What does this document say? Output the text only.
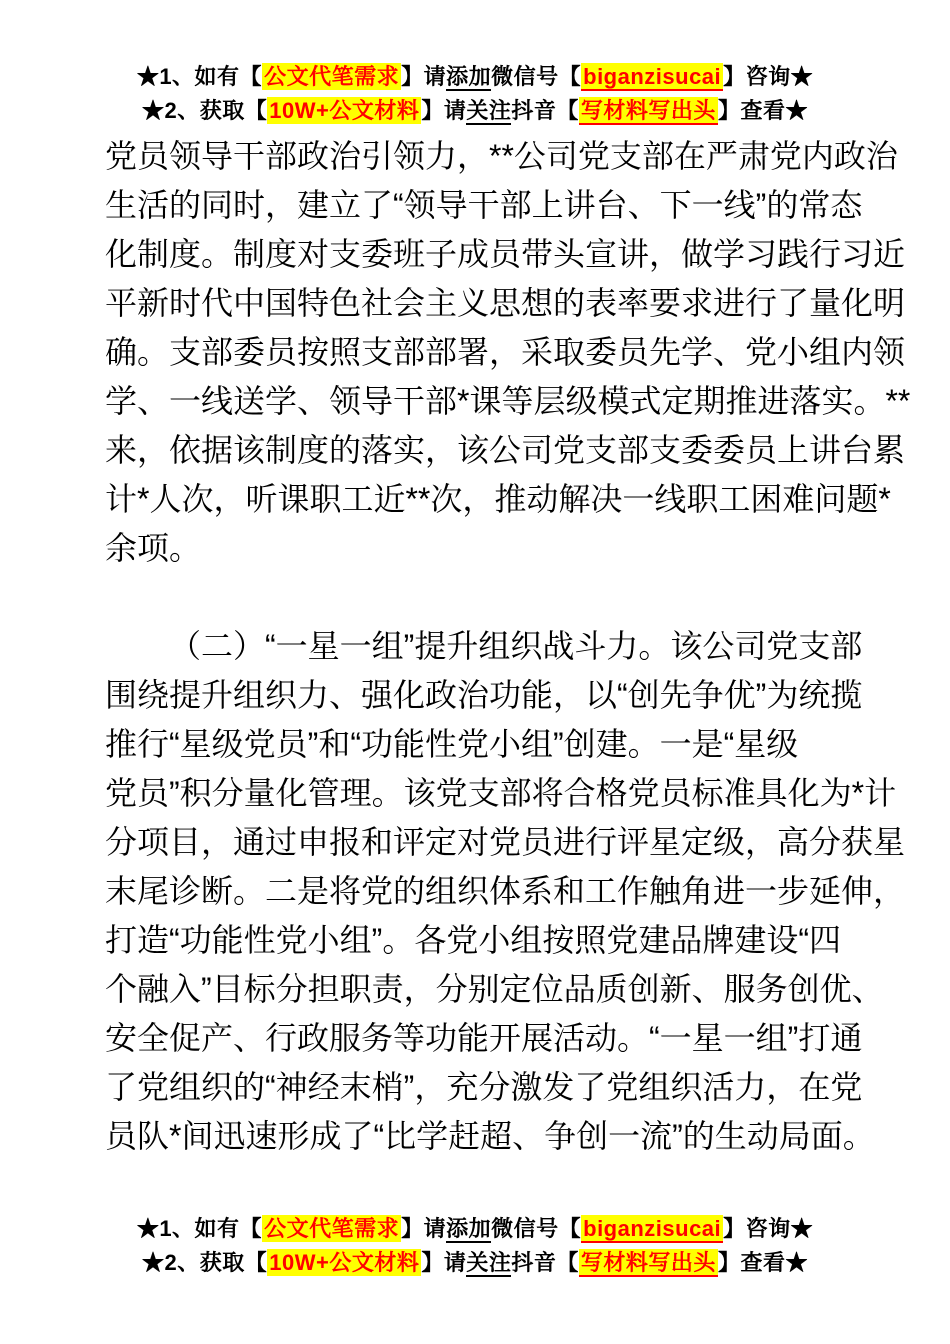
★1、如有【公文代笔需求】请添加微信号【biganzisucai】咨询★
★2、获取【10W+公文材料】请关注抖音【写材料写出头】查看★
党员领导干部政治引领力，**公司党支部在严肃党内政治
生活的同时，建立了“领导干部上讲台、下一线”的常态
化制度。制度对支委班子成员带头宣讲，做学习践行习近
平新时代中国特色社会主义思想的表率要求进行了量化明
确。支部委员按照支部部署，采取委员先学、党小组内领
学、一线送学、领导干部*课等层级模式定期推进落实。**
来，依据该制度的落实，该公司党支部支委委员上讲台累
计*人次，听课职工近**次，推动解决一线职工困难问题*
余项。
（二）“一星一组”提升组织战斗力。该公司党支部
围绕提升组织力、强化政治功能，以“创先争优”为统揽
推行“星级党员”和“功能性党小组”创建。一是“星级
党员”积分量化管理。该党支部将合格党员标准具化为*计
分项目，通过申报和评定对党员进行评星定级，高分获星
末尾诊断。二是将党的组织体系和工作触角进一步延伸，
打造“功能性党小组”。各党小组按照党建品牌建设“四
个融入”目标分担职责，分别定位品质创新、服务创优、
安全促产、行政服务等功能开展活动。“一星一组”打通
了党组织的“神经末梢”，充分激发了党组织活力，在党
员队*间迅速形成了“比学赶超、争创一流”的生动局面。
★1、如有【公文代笔需求】请添加微信号【biganzisucai】咨询★
★2、获取【10W+公文材料】请关注抖音【写材料写出头】查看★
